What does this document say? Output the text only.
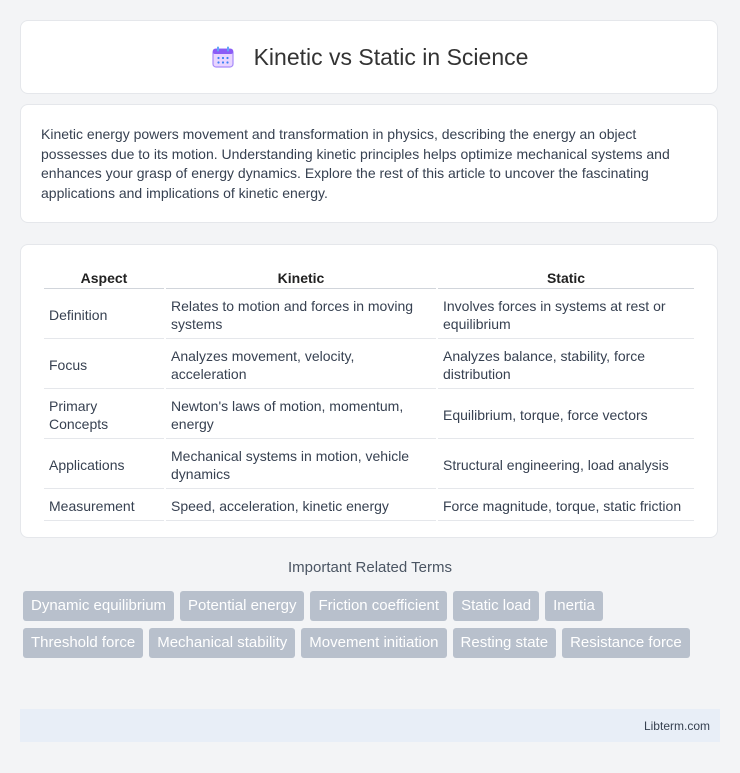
Kinetic vs Static in Science

Kinetic energy powers movement and transformation in physics, describing the energy an object possesses due to its motion. Understanding kinetic principles helps optimize mechanical systems and enhances your grasp of energy dynamics. Explore the rest of this article to uncover the fascinating applications and implications of kinetic energy.

Aspect	Kinetic	Static
Definition	Relates to motion and forces in moving systems	Involves forces in systems at rest or equilibrium
Focus	Analyzes movement, velocity, acceleration	Analyzes balance, stability, force distribution
Primary Concepts	Newton's laws of motion, momentum, energy	Equilibrium, torque, force vectors
Applications	Mechanical systems in motion, vehicle dynamics	Structural engineering, load analysis
Measurement	Speed, acceleration, kinetic energy	Force magnitude, torque, static friction
Important Related Terms
Dynamic equilibrium	Potential energy	Friction coefficient	Static load	Inertia
Threshold force	Mechanical stability	Movement initiation	Resting state	Resistance force
Libterm.com
